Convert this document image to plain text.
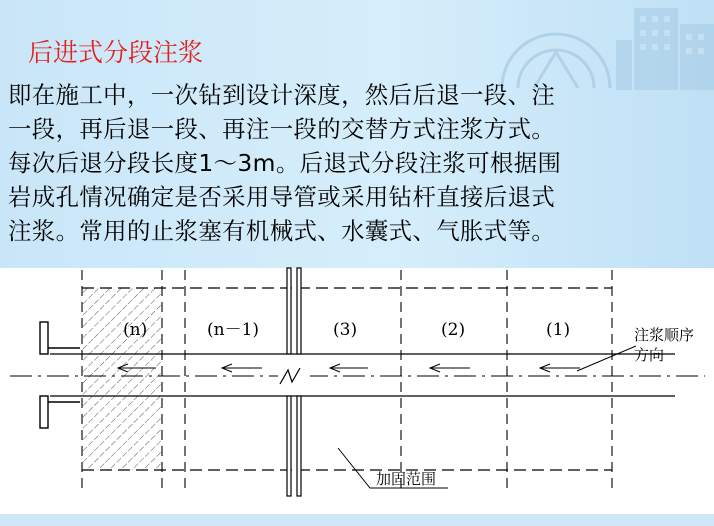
后进式分段注浆
即在施工中，一次钻到设计深度，然后后退一段、注
一段，再后退一段、再注一段的交替方式注浆方式。
每次后退分段长度1～3m。后退式分段注浆可根据围
岩成孔情况确定是否采用导管或采用钻杆直接后退式
注浆。常用的止浆塞有机械式、水囊式、气胀式等。
(n)	(n－1)	(3)	(2)	(1)	注浆顺序
方向
加固范围
